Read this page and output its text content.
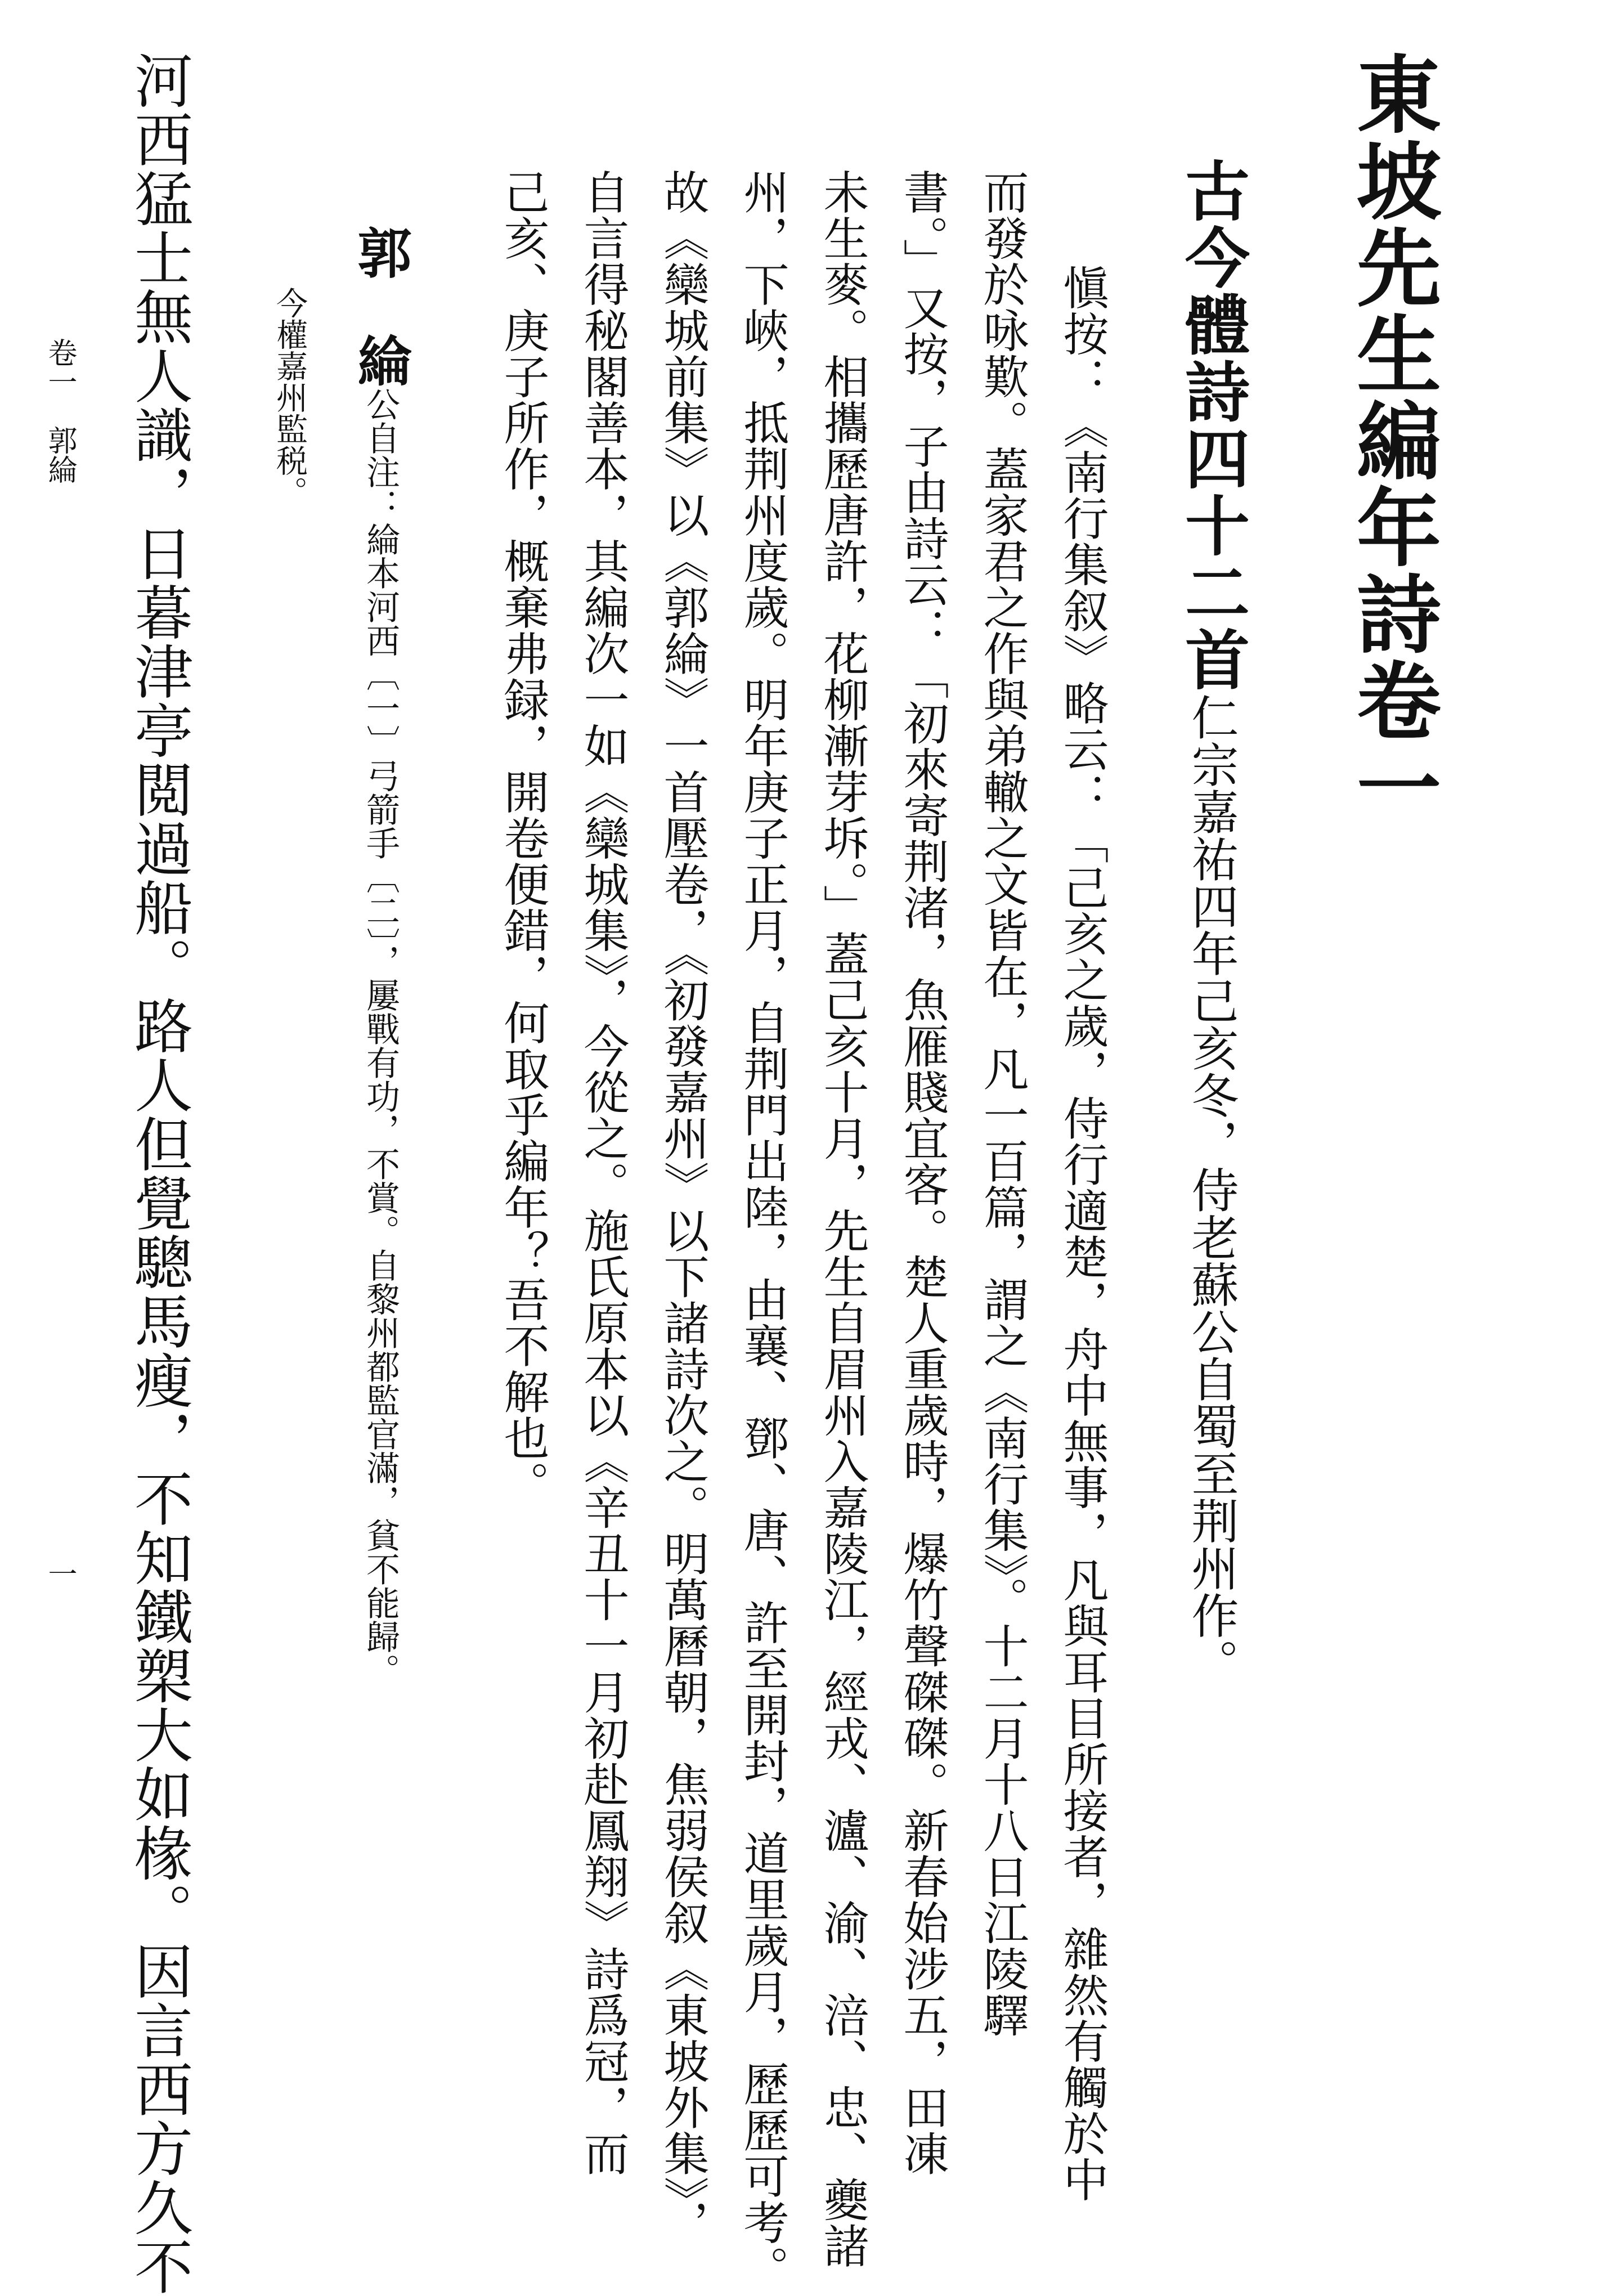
東坡先生編年詩卷一
古今體詩四十二首仁宗嘉祐四年己亥冬，侍老蘇公自蜀至荆州作。
愼按：《南行集叙》略云：「己亥之歲，侍行適楚，舟中無事，凡與耳目所接者，雜然有觸於中
而發於咏歎。蓋家君之作與弟轍之文皆在，凡一百篇，謂之《南行集》。十二月十八日江陵驛
書。」又按，子由詩云：「初來寄荆渚，魚雁賤宜客。楚人重歲時，爆竹聲磔磔。新春始涉五，田凍
未生麥。相攜歷唐許，花柳漸芽坼。」蓋己亥十月，先生自眉州入嘉陵江，經戎、瀘、渝、涪、忠、夔諸
州，下峽，抵荆州度歲。明年庚子正月，自荆門出陸，由襄、鄧、唐、許至開封，道里歲月，歷歷可考。
故《欒城前集》以《郭綸》一首壓卷，《初發嘉州》以下諸詩次之。明萬曆朝，焦弱侯叙《東坡外集》，
自言得秘閣善本，其編次一如《欒城集》，今從之。施氏原本以《辛丑十一月初赴鳳翔》詩爲冠，而
己亥、庚子所作，概棄弗録，開卷便錯，何取乎編年？吾不解也。
郭　綸公自注：綸本河西〔一〕弓箭手〔二〕，屢戰有功，不賞。自黎州都監官滿，貧不能歸。
今權嘉州監税。
河西猛士無人識，日暮津亭閲過船。路人但覺驄馬瘦，不知鐵槊大如椽。因言西方久不
卷一　郭綸
一
